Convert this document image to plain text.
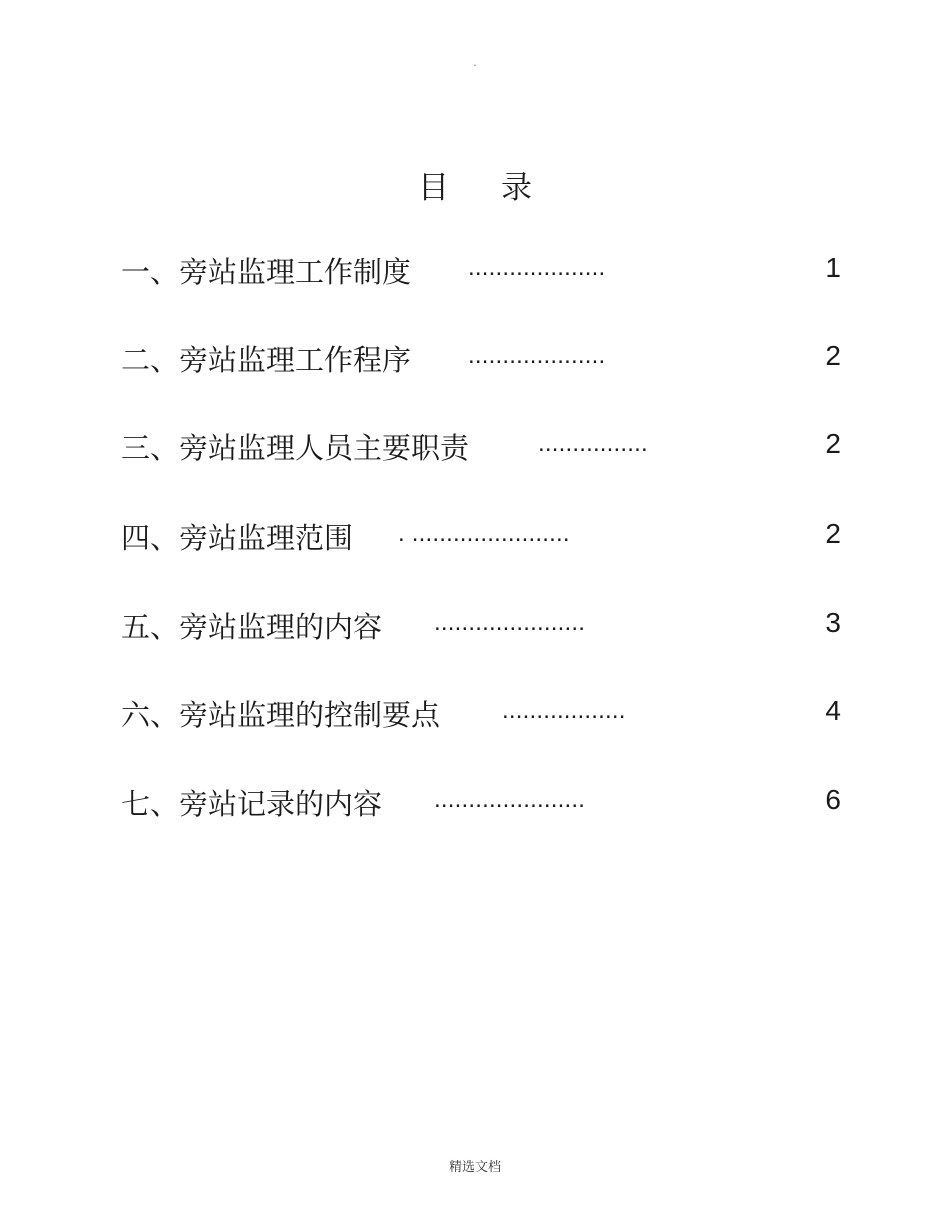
.
目 录
一、旁站监理工作制度 ....................	1
二、旁站监理工作程序 ....................	2
三、旁站监理人员主要职责	................	2
四、旁站监理范围 . .......................	2
五、旁站监理的内容 ......................	3
六、旁站监理的控制要点	..................	4
七、旁站记录的内容 ......................	6
精选文档
